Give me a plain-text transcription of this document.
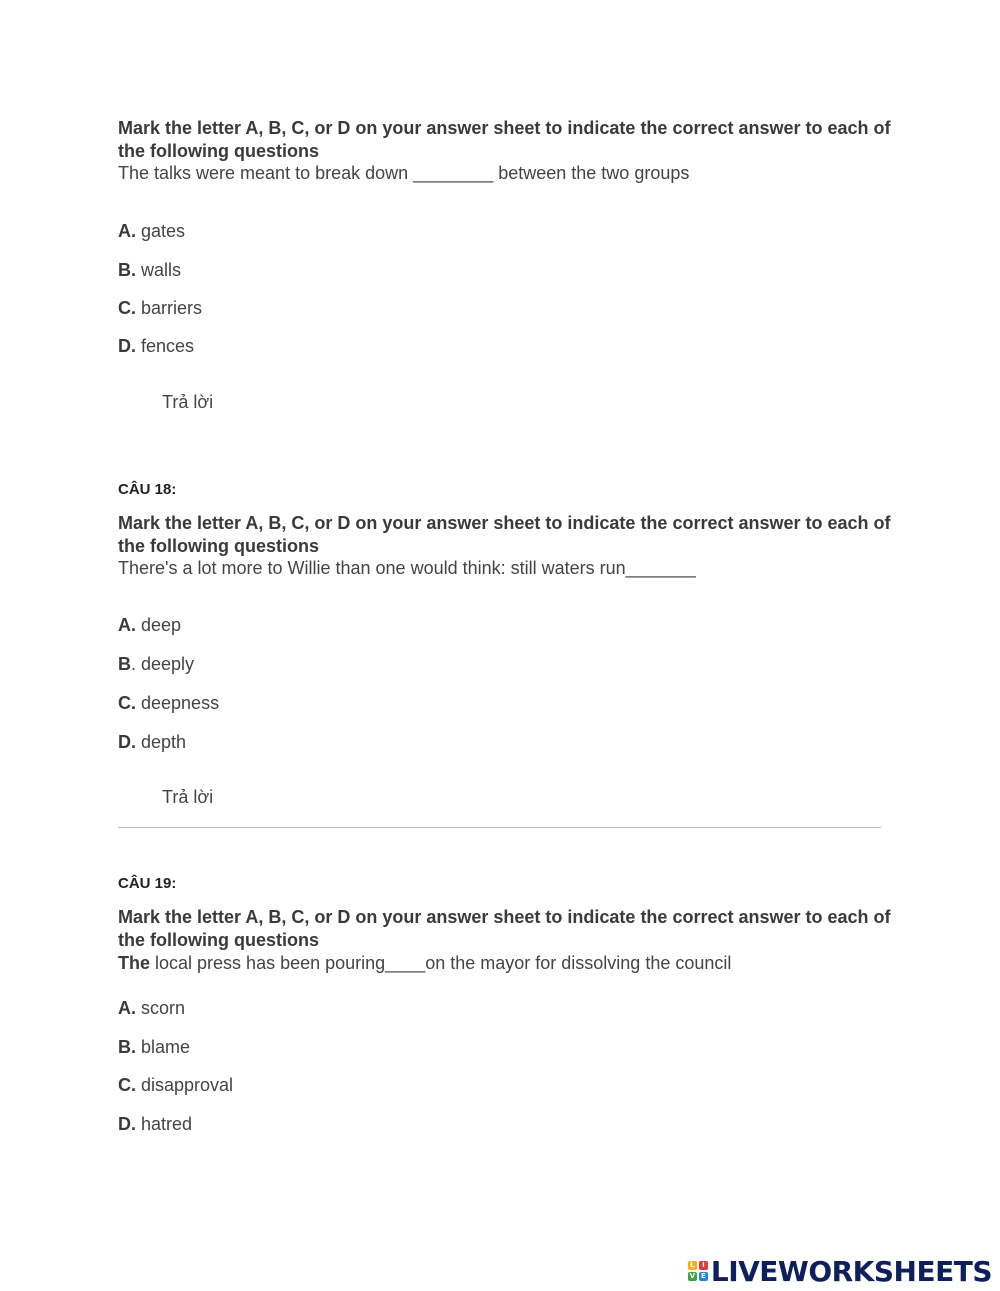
Mark the letter A, B, C, or D on your answer sheet to indicate the correct answer to each of the following questions
The talks were meant to break down ________ between the two groups
A. gates
B. walls
C. barriers
D. fences
Trả lời
CÂU 18:
Mark the letter A, B, C, or D on your answer sheet to indicate the correct answer to each of the following questions
There's a lot more to Willie than one would think: still waters run_______
A. deep
B. deeply
C. deepness
D. depth
Trả lời
CÂU 19:
Mark the letter A, B, C, or D on your answer sheet to indicate the correct answer to each of the following questions
The local press has been pouring____on the mayor for dissolving the council
A. scorn
B. blame
C. disapproval
D. hatred
L	I
V E LIVEWORKSHEETS
